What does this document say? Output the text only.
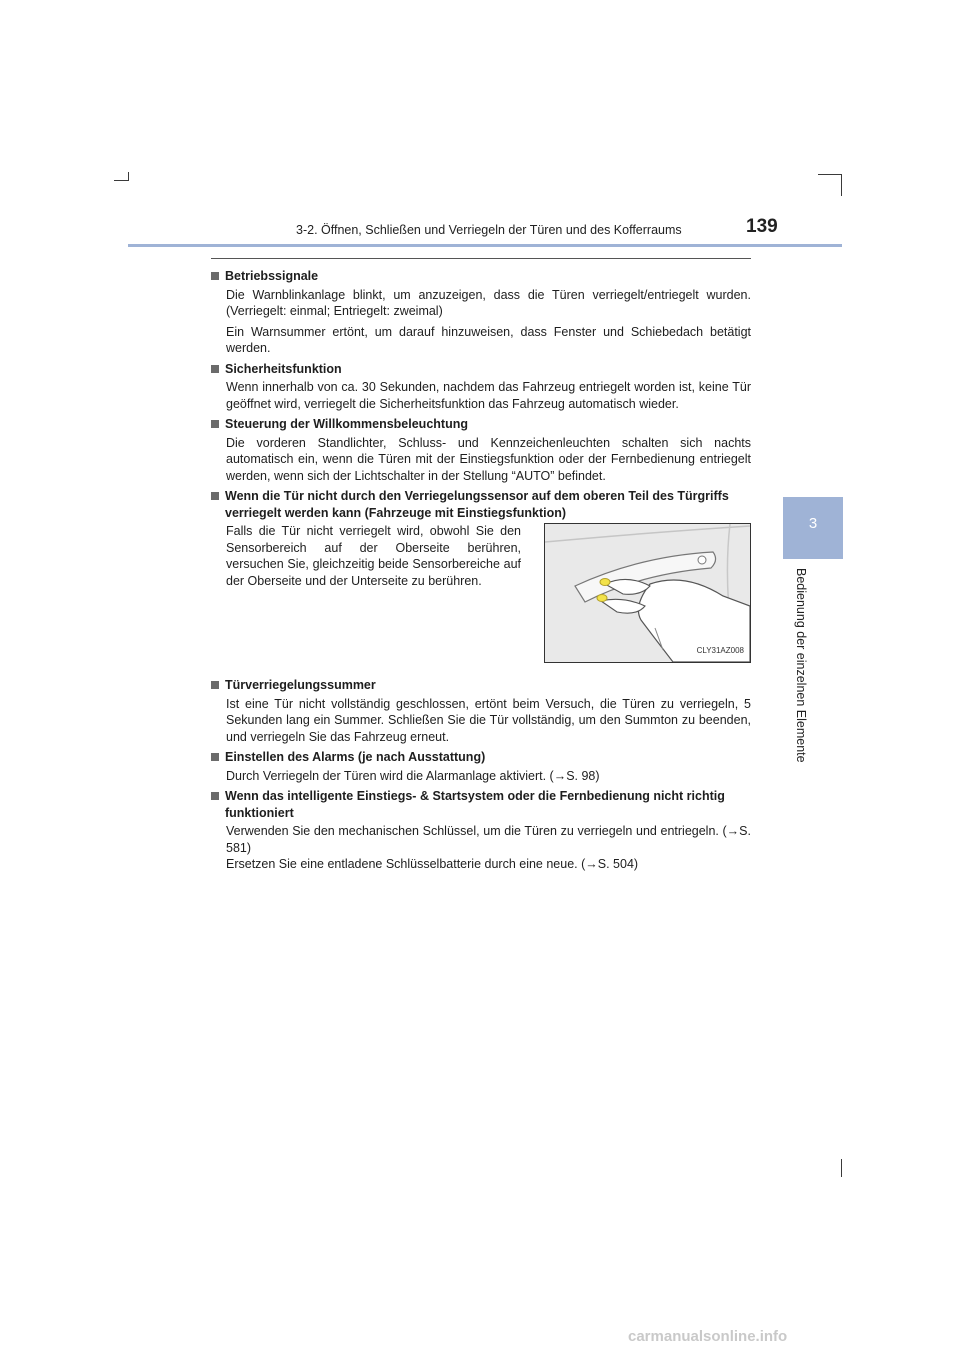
3-2. Öffnen, Schließen und Verriegeln der Türen und des Kofferraums	139
3
Bedienung der einzelnen Elemente
Betriebssignale

Die Warnblinkanlage blinkt, um anzuzeigen, dass die Türen verriegelt/entriegelt wurden. (Verriegelt: einmal; Entriegelt: zweimal)

Ein Warnsummer ertönt, um darauf hinzuweisen, dass Fenster und Schiebedach betätigt werden.

Sicherheitsfunktion

Wenn innerhalb von ca. 30 Sekunden, nachdem das Fahrzeug entriegelt worden ist, keine Tür geöffnet wird, verriegelt die Sicherheitsfunktion das Fahrzeug automatisch wieder.

Steuerung der Willkommensbeleuchtung

Die vorderen Standlichter, Schluss- und Kennzeichenleuchten schalten sich nachts automatisch ein, wenn die Türen mit der Einstiegsfunktion oder der Fernbedienung entriegelt werden, wenn sich der Lichtschalter in der Stellung “AUTO” befindet.

Wenn die Tür nicht durch den Verriegelungssensor auf dem oberen Teil des Türgriffs verriegelt werden kann (Fahrzeuge mit Einstiegsfunktion)
Falls die Tür nicht verriegelt wird, obwohl Sie den Sensorbereich auf der Oberseite berühren, versuchen Sie, gleichzeitig beide Sensorbereiche auf der Oberseite und der Unterseite zu berühren.
CLY31AZ008
Türverriegelungssummer

Ist eine Tür nicht vollständig geschlossen, ertönt beim Versuch, die Türen zu verriegeln, 5 Sekunden lang ein Summer. Schließen Sie die Tür vollständig, um den Summton zu beenden, und verriegeln Sie das Fahrzeug erneut.

Einstellen des Alarms (je nach Ausstattung)

Durch Verriegeln der Türen wird die Alarmanlage aktiviert. (→S. 98)

Wenn das intelligente Einstiegs- & Startsystem oder die Fernbedienung nicht richtig funktioniert

Verwenden Sie den mechanischen Schlüssel, um die Türen zu verriegeln und entriegeln. (→S. 581)

Ersetzen Sie eine entladene Schlüsselbatterie durch eine neue. (→S. 504)

carmanualsonline.info
